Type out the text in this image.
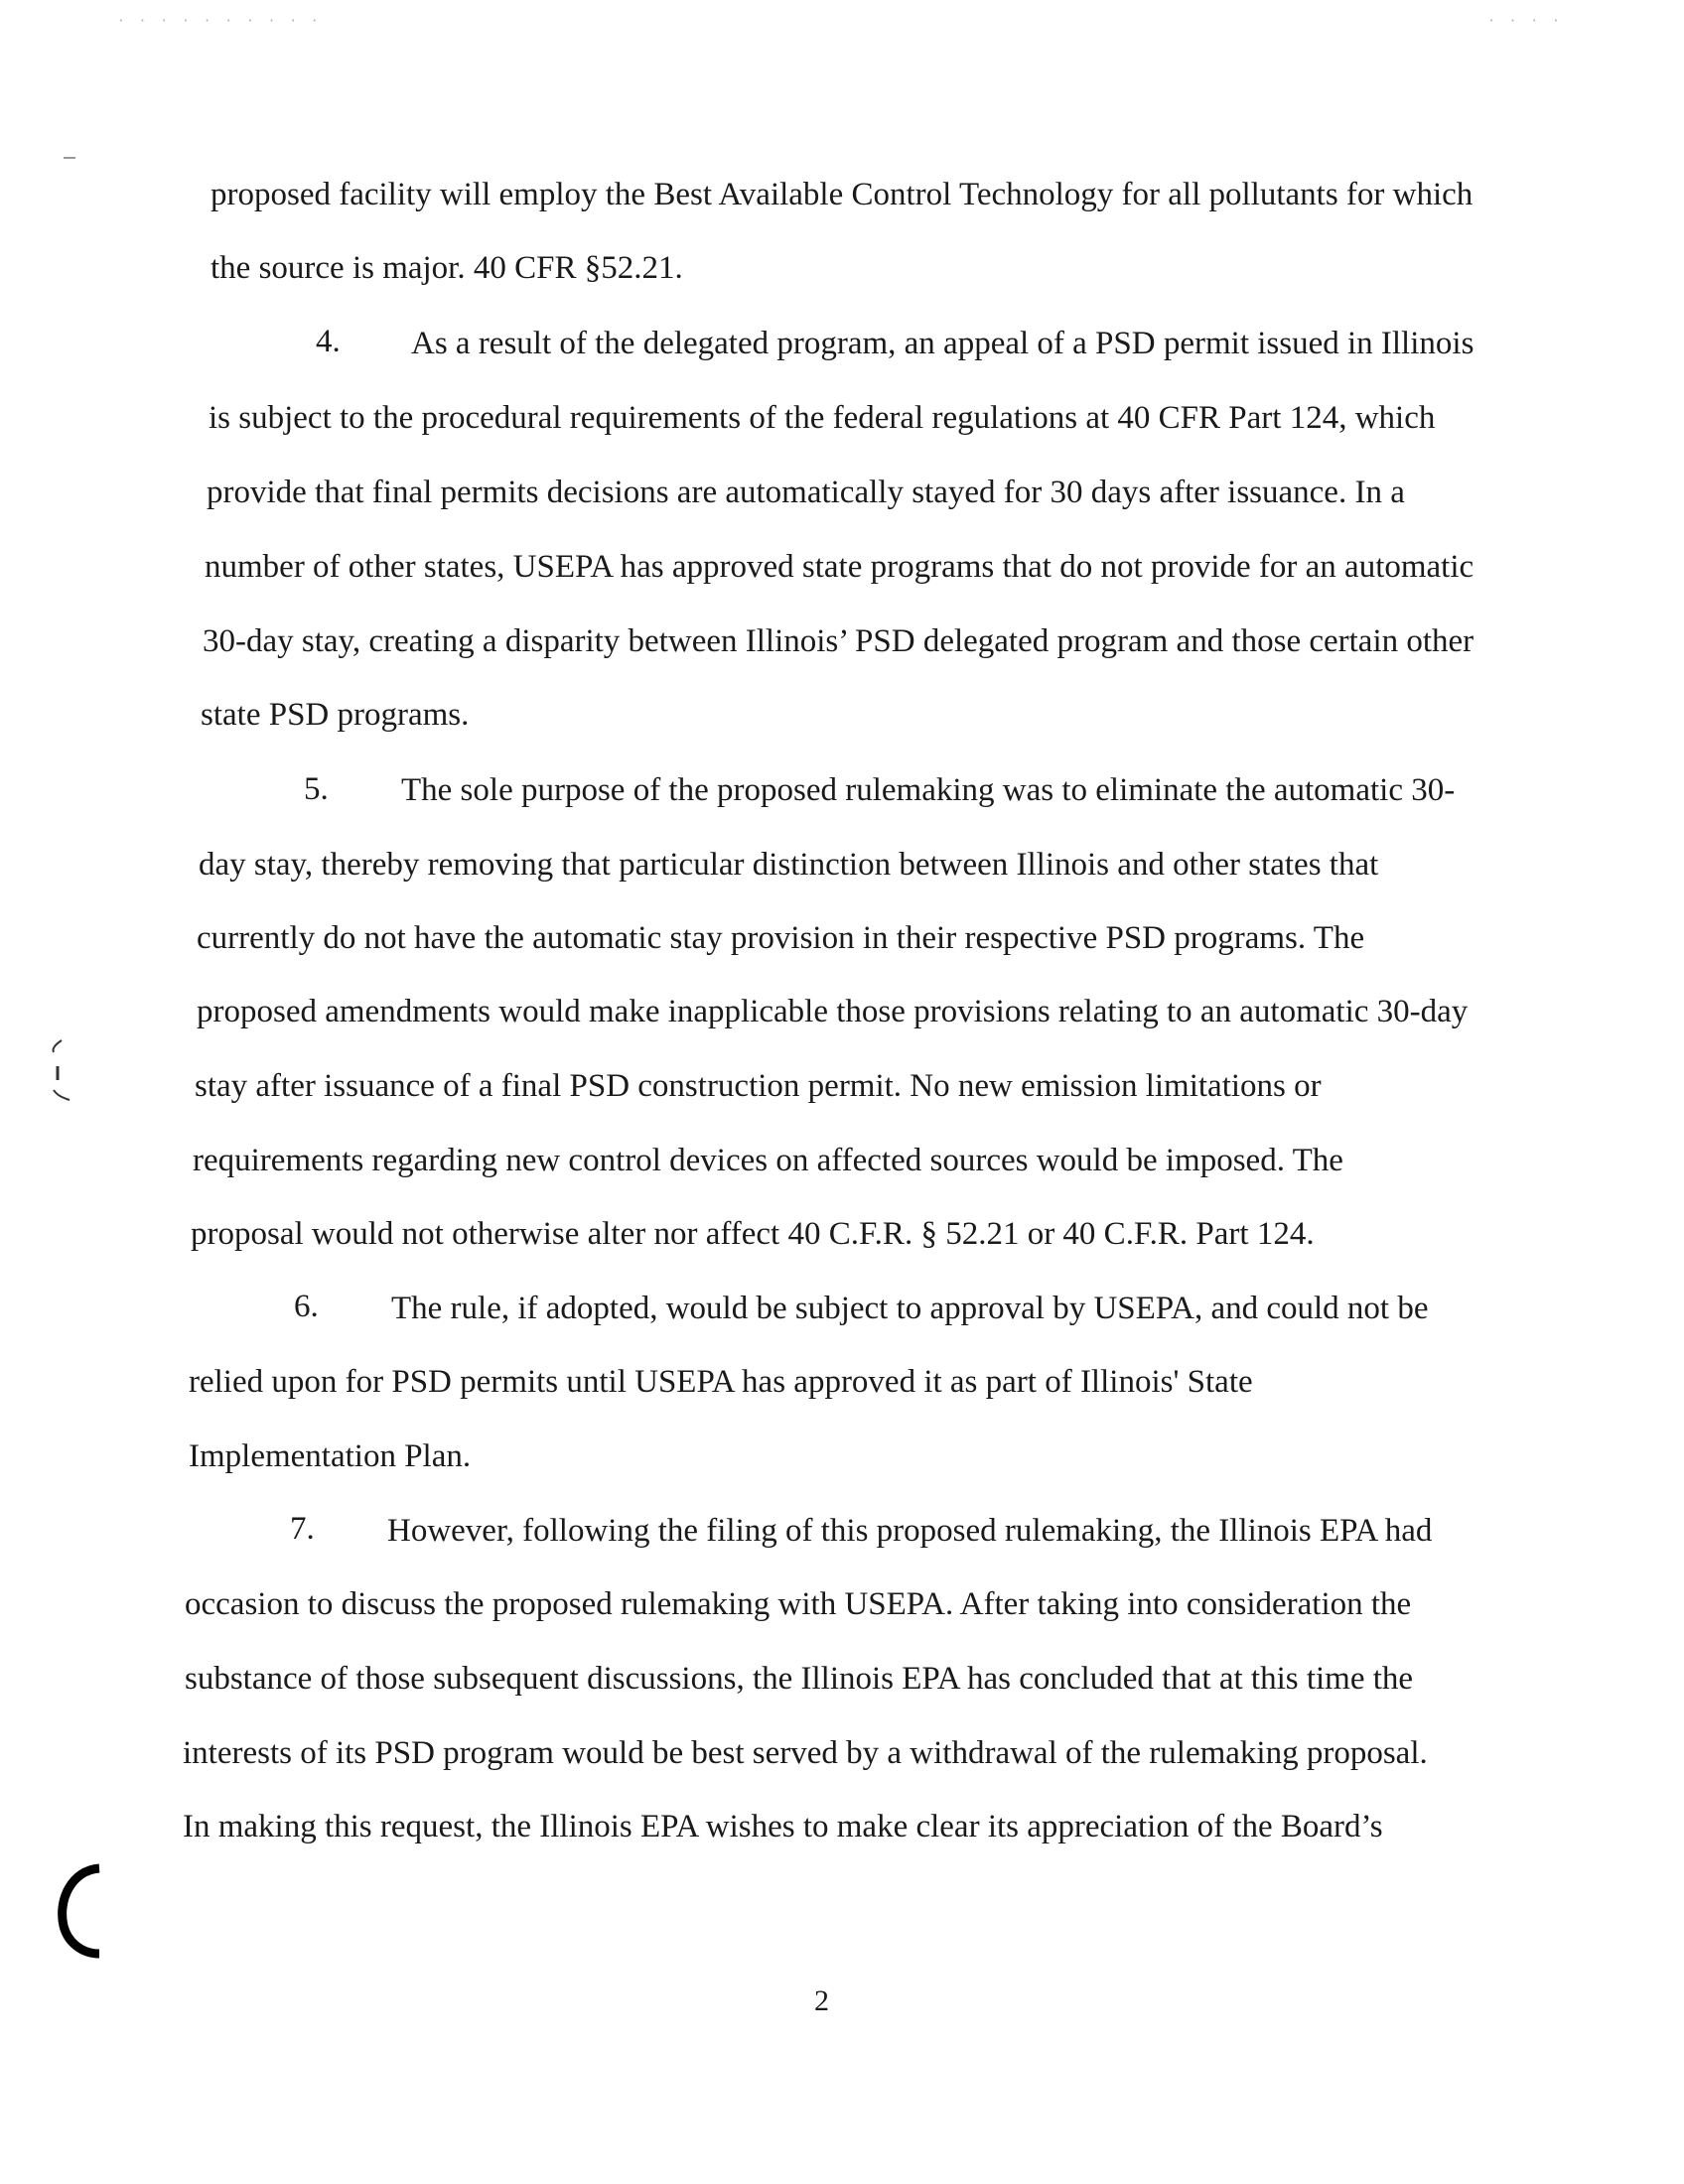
· · · · · · · · · ·	· · · ·
proposed facility will employ the Best Available Control Technology for all pollutants for which
the source is major. 40 CFR §52.21.
4. As a result of the delegated program, an appeal of a PSD permit issued in Illinois
is subject to the procedural requirements of the federal regulations at 40 CFR Part 124, which
provide that final permits decisions are automatically stayed for 30 days after issuance. In a
number of other states, USEPA has approved state programs that do not provide for an automatic
30-day stay, creating a disparity between Illinois’ PSD delegated program and those certain other
state PSD programs.
5. The sole purpose of the proposed rulemaking was to eliminate the automatic 30-
day stay, thereby removing that particular distinction between Illinois and other states that
currently do not have the automatic stay provision in their respective PSD programs. The
proposed amendments would make inapplicable those provisions relating to an automatic 30-day
stay after issuance of a final PSD construction permit. No new emission limitations or
requirements regarding new control devices on affected sources would be imposed. The
proposal would not otherwise alter nor affect 40 C.F.R. § 52.21 or 40 C.F.R. Part 124.
6. The rule, if adopted, would be subject to approval by USEPA, and could not be
relied upon for PSD permits until USEPA has approved it as part of Illinois' State
Implementation Plan.
7. However, following the filing of this proposed rulemaking, the Illinois EPA had
occasion to discuss the proposed rulemaking with USEPA. After taking into consideration the
substance of those subsequent discussions, the Illinois EPA has concluded that at this time the
interests of its PSD program would be best served by a withdrawal of the rulemaking proposal.
In making this request, the Illinois EPA wishes to make clear its appreciation of the Board’s
2
